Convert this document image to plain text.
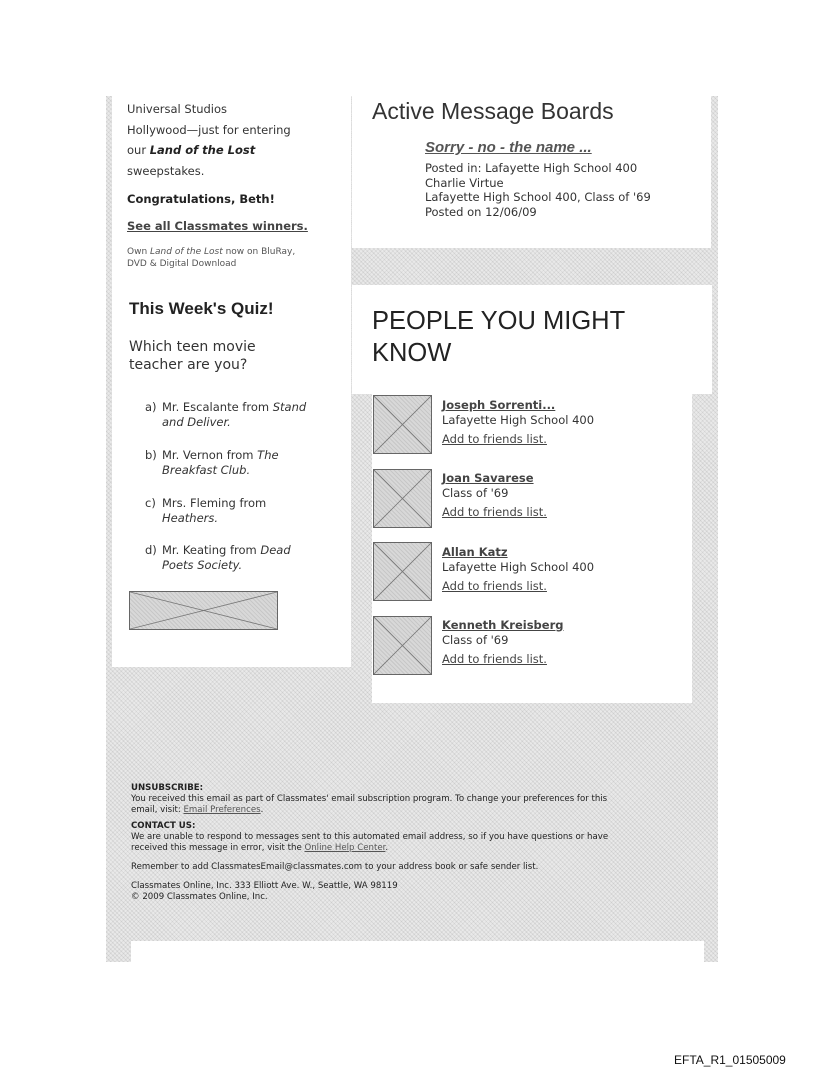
Universal Studios
Hollywood—just for entering
our Land of the Lost
sweepstakes.
Congratulations, Beth!
See all Classmates winners.
Own Land of the Lost now on BluRay,
DVD & Digital Download
This Week's Quiz!
Which teen movie
teacher are you?
a) Mr. Escalante from Stand
and Deliver.
b) Mr. Vernon from The
Breakfast Club.
c) Mrs. Fleming from
Heathers.
d) Mr. Keating from Dead
Poets Society.
Active Message Boards
Sorry - no - the name ...
Posted in: Lafayette High School 400
Charlie Virtue
Lafayette High School 400, Class of '69
Posted on 12/06/09
PEOPLE YOU MIGHT
KNOW
Joseph Sorrenti...
Lafayette High School 400
Add to friends list.
Joan Savarese
Class of '69
Add to friends list.
Allan Katz
Lafayette High School 400
Add to friends list.
Kenneth Kreisberg
Class of '69
Add to friends list.
UNSUBSCRIBE:
You received this email as part of Classmates' email subscription program. To change your preferences for this
email, visit: Email Preferences.
CONTACT US:
We are unable to respond to messages sent to this automated email address, so if you have questions or have
received this message in error, visit the Online Help Center.
Remember to add ClassmatesEmail@classmates.com to your address book or safe sender list.
Classmates Online, Inc. 333 Elliott Ave. W., Seattle, WA 98119
© 2009 Classmates Online, Inc.
EFTA_R1_01505009
